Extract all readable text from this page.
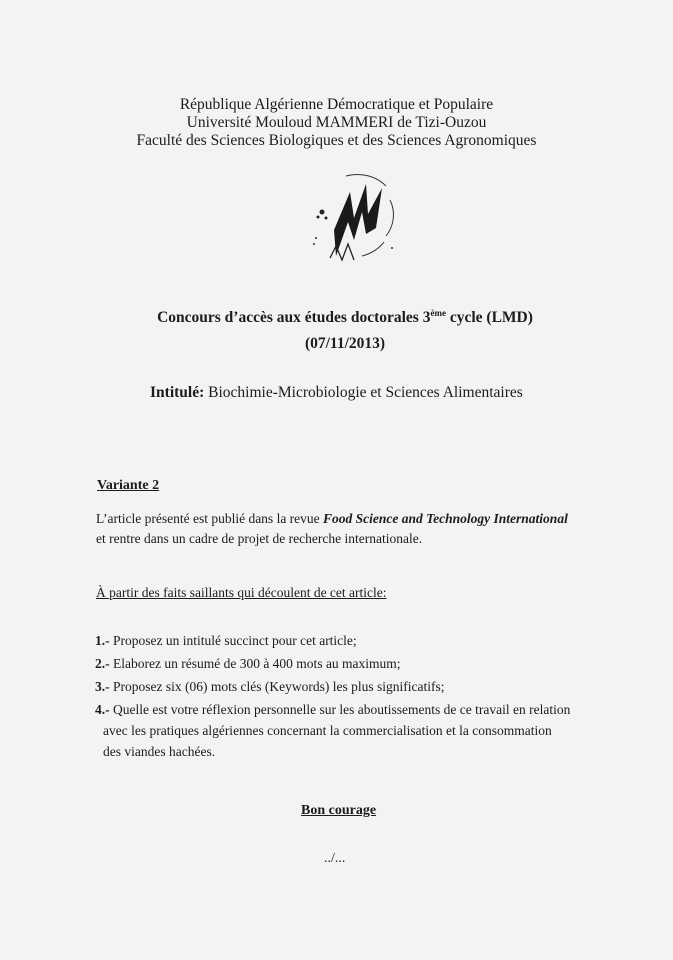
République Algérienne Démocratique et Populaire
Université Mouloud MAMMERI de Tizi-Ouzou
Faculté des Sciences Biologiques et des Sciences Agronomiques
Concours d’accès aux études doctorales 3ème cycle (LMD)
(07/11/2013)
Intitulé: Biochimie-Microbiologie et Sciences Alimentaires
Variante 2
L’article présenté est publié dans la revue Food Science and Technology International
et rentre dans un cadre de projet de recherche internationale.
À partir des faits saillants qui découlent de cet article:
1.- Proposez un intitulé succinct pour cet article;
2.- Elaborez un résumé de 300 à 400 mots au maximum;
3.- Proposez six (06) mots clés (Keywords) les plus significatifs;
4.- Quelle est votre réflexion personnelle sur les aboutissements de ce travail en relation
avec les pratiques algériennes concernant la commercialisation et la consommation
des viandes hachées.
Bon courage
../...
